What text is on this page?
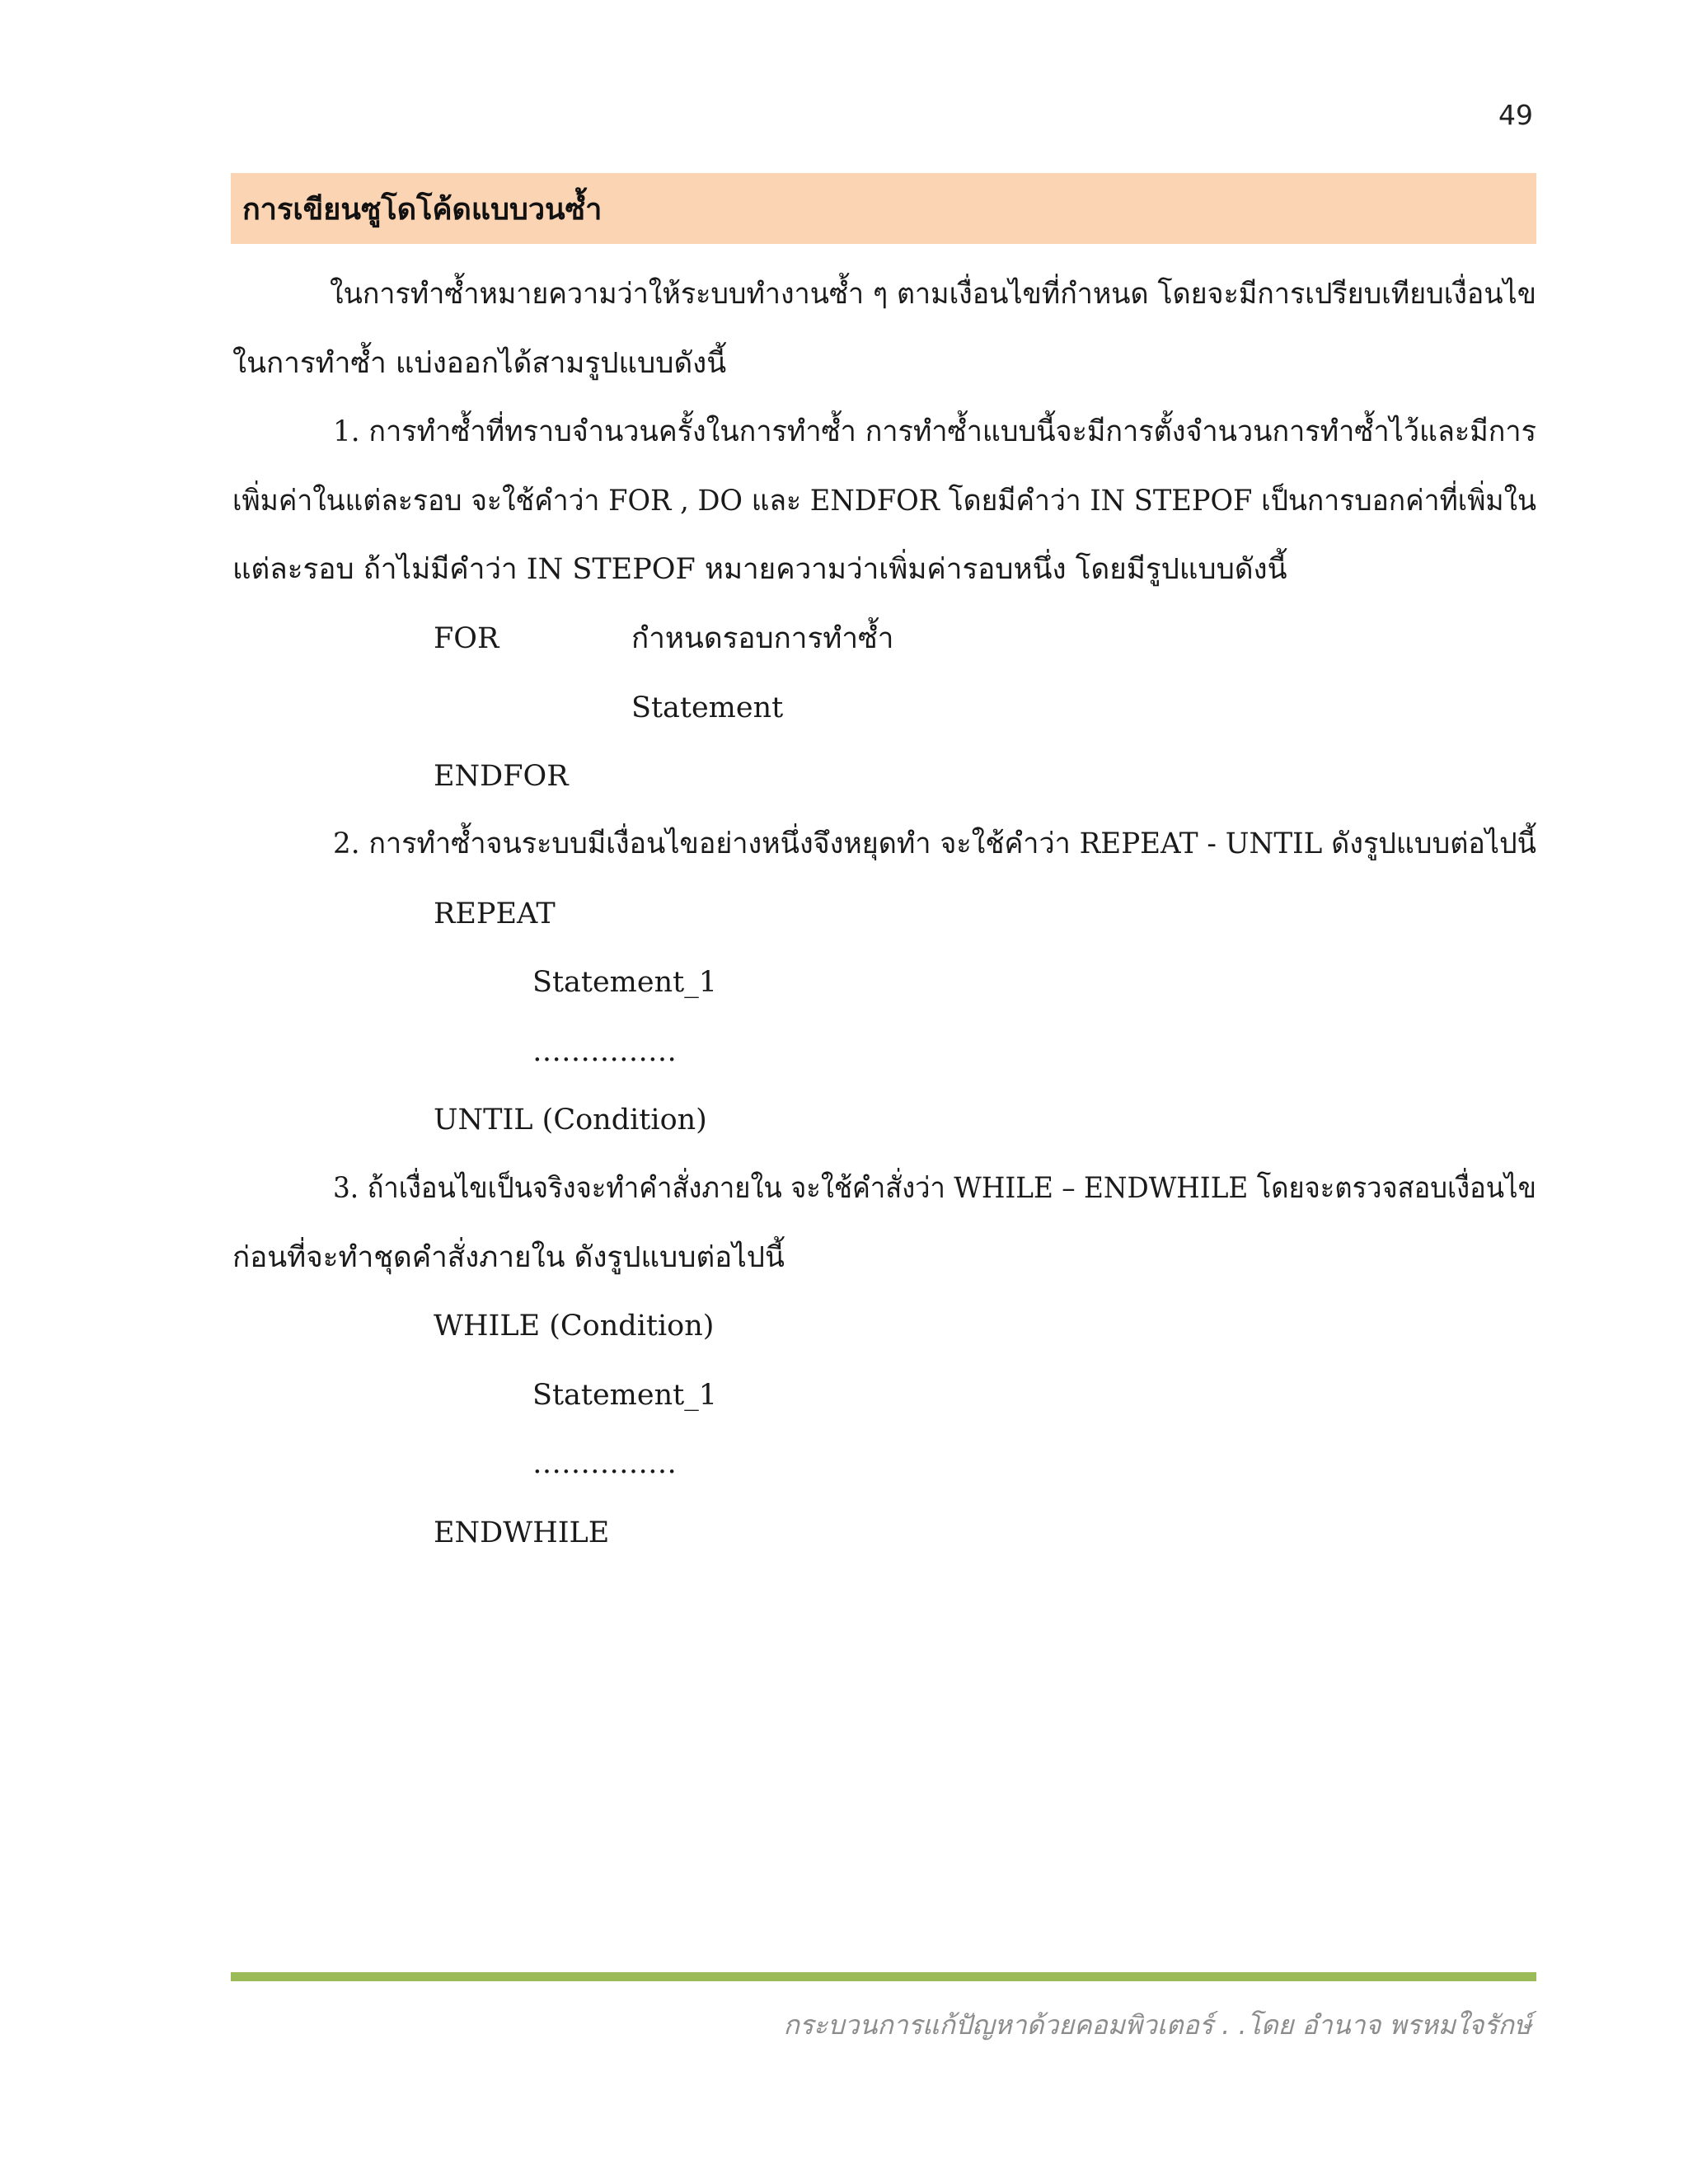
49
การเขียนซูโดโค้ดแบบวนซ้ำ
ในการทำซ้ำหมายความว่าให้ระบบทำงานซ้ำ ๆ ตามเงื่อนไขที่กำหนด โดยจะมีการเปรียบเทียบเงื่อนไข
ในการทำซ้ำ แบ่งออกได้สามรูปแบบดังนี้
1. การทำซ้ำที่ทราบจำนวนครั้งในการทำซ้ำ การทำซ้ำแบบนี้จะมีการตั้งจำนวนการทำซ้ำไว้และมีการ
เพิ่มค่าในแต่ละรอบ จะใช้คำว่า FOR , DO และ ENDFOR โดยมีคำว่า IN STEPOF เป็นการบอกค่าที่เพิ่มใน
แต่ละรอบ ถ้าไม่มีคำว่า IN STEPOF หมายความว่าเพิ่มค่ารอบหนึ่ง โดยมีรูปแบบดังนี้
FOR	กำหนดรอบการทำซ้ำ
Statement
ENDFOR
2. การทำซ้ำจนระบบมีเงื่อนไขอย่างหนึ่งจึงหยุดทำ จะใช้คำว่า REPEAT - UNTIL ดังรูปแบบต่อไปนี้
REPEAT
Statement_1
……………
UNTIL (Condition)
3. ถ้าเงื่อนไขเป็นจริงจะทำคำสั่งภายใน จะใช้คำสั่งว่า WHILE – ENDWHILE โดยจะตรวจสอบเงื่อนไข
ก่อนที่จะทำชุดคำสั่งภายใน ดังรูปแบบต่อไปนี้
WHILE (Condition)
Statement_1
……………
ENDWHILE
กระบวนการแก้ปัญหาด้วยคอมพิวเตอร์ . .โดย อำนาจ พรหมใจรักษ์
